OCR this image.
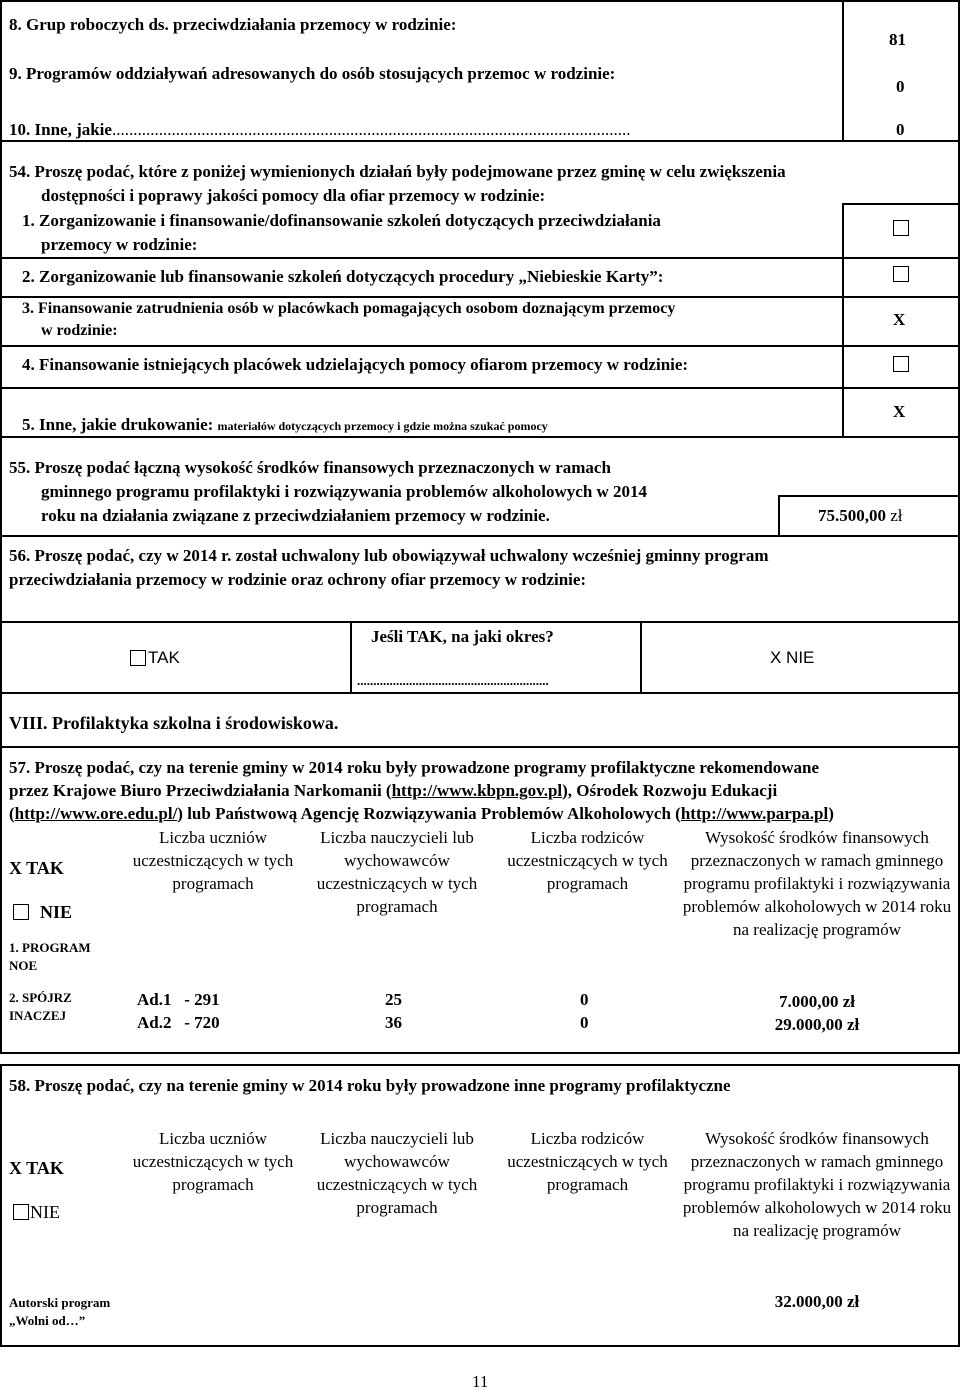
8. Grup roboczych ds. przeciwdziałania przemocy w rodzinie:
81
9. Programów oddziaływań adresowanych do osób stosujących przemoc w rodzinie:
0
10. Inne, jakie..........................................................................................................................	0
54. Proszę podać, które z poniżej wymienionych działań były podejmowane przez gminę w celu zwiększenia
dostępności i poprawy jakości pomocy dla ofiar przemocy w rodzinie:
1. Zorganizowanie i finansowanie/dofinansowanie szkoleń dotyczących przeciwdziałania
przemocy w rodzinie:
2. Zorganizowanie lub finansowanie szkoleń dotyczących procedury „Niebieskie Karty”:
3. Finansowanie zatrudnienia osób w placówkach pomagających osobom doznającym przemocy
w rodzinie:
X
4. Finansowanie istniejących placówek udzielających pomocy ofiarom przemocy w rodzinie:
5. Inne, jakie drukowanie: materiałów dotyczących przemocy i gdzie można szukać pomocy
X
55. Proszę podać łączną wysokość środków finansowych przeznaczonych w ramach
gminnego programu profilaktyki i rozwiązywania problemów alkoholowych w 2014
roku na działania związane z przeciwdziałaniem przemocy w rodzinie.	75.500,00 zł
56. Proszę podać, czy w 2014 r. został uchwalony lub obowiązywał uchwalony wcześniej gminny program
przeciwdziałania przemocy w rodzinie oraz ochrony ofiar przemocy w rodzinie:
TAK
Jeśli TAK, na jaki okres?
...........................................................
X NIE
VIII. Profilaktyka szkolna i środowiskowa.
57. Proszę podać, czy na terenie gminy w 2014 roku były prowadzone programy profilaktyczne rekomendowane
przez Krajowe Biuro Przeciwdziałania Narkomanii (http://www.kbpn.gov.pl), Ośrodek Rozwoju Edukacji
(http://www.ore.edu.pl/) lub Państwową Agencję Rozwiązywania Problemów Alkoholowych (http://www.parpa.pl)
X TAK
NIE
1. PROGRAM NOE
2. SPÓJRZ INACZEJ
Liczba uczniów uczestniczących w tych programach
Liczba nauczycieli lub wychowawców uczestniczących w tych programach
Liczba rodziców uczestniczących w tych programach
Wysokość środków finansowych przeznaczonych w ramach gminnego programu profilaktyki i rozwiązywania problemów alkoholowych w 2014 roku na realizację programów
Ad.1   - 291
Ad.2   - 720
25
36
0
0
7.000,00 zł
29.000,00 zł
58. Proszę podać, czy na terenie gminy w 2014 roku były prowadzone inne programy profilaktyczne
X TAK
NIE
Autorski program „Wolni od…”
Liczba uczniów uczestniczących w tych programach
Liczba nauczycieli lub wychowawców uczestniczących w tych programach
Liczba rodziców uczestniczących w tych programach
Wysokość środków finansowych przeznaczonych w ramach gminnego programu profilaktyki i rozwiązywania problemów alkoholowych w 2014 roku na realizację programów
32.000,00 zł
11
